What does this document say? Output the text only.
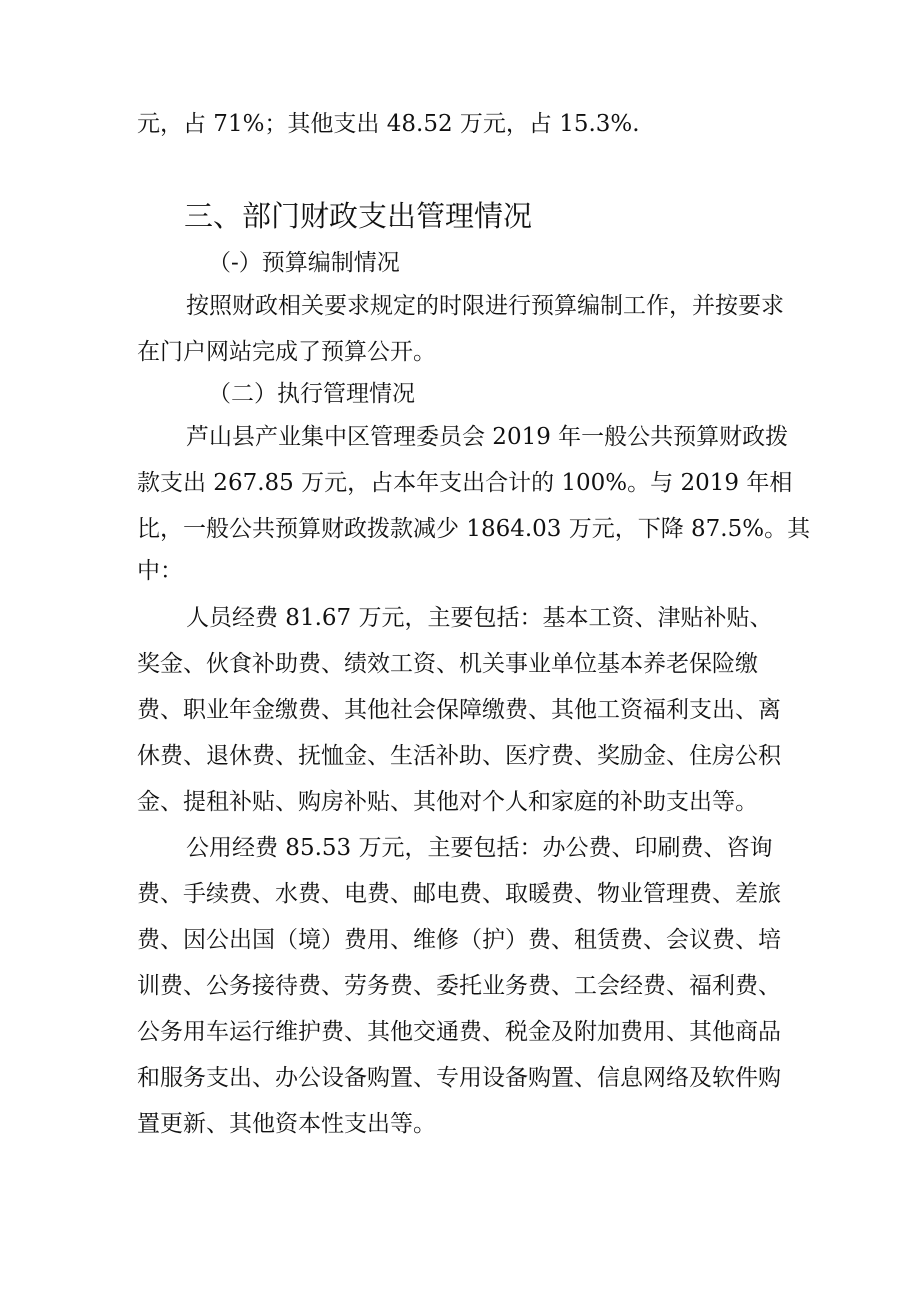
元，占 71%；其他支出 48.52 万元，占 15.3%.
三、部门财政支出管理情况
（-）预算编制情况
按照财政相关要求规定的时限进行预算编制工作，并按要求
在门户网站完成了预算公开。
（二）执行管理情况
芦山县产业集中区管理委员会 2019 年一般公共预算财政拨
款支出 267.85 万元，占本年支出合计的 100%。与 2019 年相
比，一般公共预算财政拨款减少 1864.03 万元，下降 87.5%。其
中：
人员经费 81.67 万元，主要包括：基本工资、津贴补贴、
奖金、伙食补助费、绩效工资、机关事业单位基本养老保险缴
费、职业年金缴费、其他社会保障缴费、其他工资福利支出、离
休费、退休费、抚恤金、生活补助、医疗费、奖励金、住房公积
金、提租补贴、购房补贴、其他对个人和家庭的补助支出等。
公用经费 85.53 万元，主要包括：办公费、印刷费、咨询
费、手续费、水费、电费、邮电费、取暖费、物业管理费、差旅
费、因公出国（境）费用、维修（护）费、租赁费、会议费、培
训费、公务接待费、劳务费、委托业务费、工会经费、福利费、
公务用车运行维护费、其他交通费、税金及附加费用、其他商品
和服务支出、办公设备购置、专用设备购置、信息网络及软件购
置更新、其他资本性支出等。
